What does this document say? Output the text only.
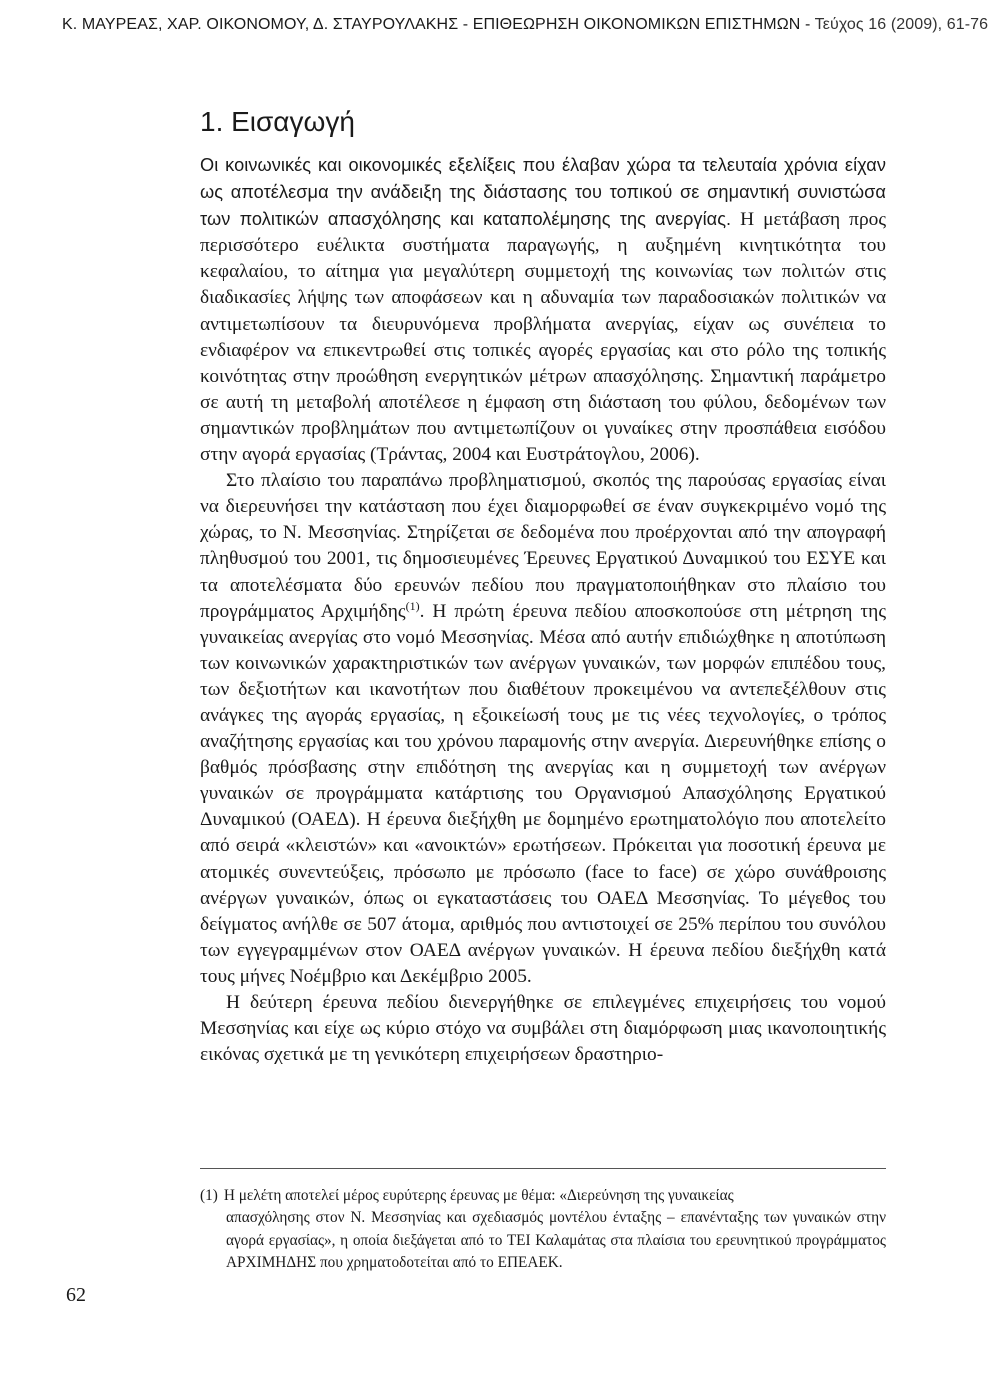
Κ. ΜΑΥΡΕΑΣ, ΧΑΡ. ΟΙΚΟΝΟΜΟΥ, Δ. ΣΤΑΥΡΟΥΛΑΚΗΣ - ΕΠΙΘΕΩΡΗΣΗ ΟΙΚΟΝΟΜΙΚΩΝ ΕΠΙΣΤΗΜΩΝ - Τεύχος 16 (2009), 61-76
1. Εισαγωγή

Οι κοινωνικές και οικονομικές εξελίξεις που έλαβαν χώρα τα τελευταία χρόνια είχαν ως αποτέλεσμα την ανάδειξη της διάστασης του τοπικού σε σημαντική συνιστώσα των πολιτικών απασχόλησης και καταπολέμησης της ανεργίας. Η μετάβαση προς περισσότερο ευέλικτα συστήματα παραγωγής, η αυξημένη κινητικότητα του κεφαλαίου, το αίτημα για μεγαλύτερη συμμετοχή της κοινωνίας των πολιτών στις διαδικασίες λήψης των αποφάσεων και η αδυναμία των παραδοσιακών πολιτικών να αντιμετωπίσουν τα διευρυνόμενα προβλήματα ανεργίας, είχαν ως συνέπεια το ενδιαφέρον να επικεντρωθεί στις τοπικές αγορές εργασίας και στο ρόλο της τοπικής κοινότητας στην προώθηση ενεργητικών μέτρων απασχόλησης. Σημαντική παράμετρο σε αυτή τη μεταβολή αποτέλεσε η έμφαση στη διάσταση του φύλου, δεδομένων των σημαντικών προβλημάτων που αντιμετωπίζουν οι γυναίκες στην προσπάθεια εισόδου στην αγορά εργασίας (Τράντας, 2004 και Ευστράτογλου, 2006).

Στο πλαίσιο του παραπάνω προβληματισμού, σκοπός της παρούσας εργασίας είναι να διερευνήσει την κατάσταση που έχει διαμορφωθεί σε έναν συγκεκριμένο νομό της χώρας, το Ν. Μεσσηνίας. Στηρίζεται σε δεδομένα που προέρχονται από την απογραφή πληθυσμού του 2001, τις δημοσιευμένες Έρευνες Εργατικού Δυναμικού του ΕΣΥΕ και τα αποτελέσματα δύο ερευνών πεδίου που πραγματοποιήθηκαν στο πλαίσιο του προγράμματος Αρχιμήδης$^{(1)}$. Η πρώτη έρευνα πεδίου αποσκοπούσε στη μέτρηση της γυναικείας ανεργίας στο νομό Μεσσηνίας. Μέσα από αυτήν επιδιώχθηκε η αποτύπωση των κοινωνικών χαρακτηριστικών των ανέργων γυναικών, των μορφών επιπέδου τους, των δεξιοτήτων και ικανοτήτων που διαθέτουν προκειμένου να αντεπεξέλθουν στις ανάγκες της αγοράς εργασίας, η εξοικείωσή τους με τις νέες τεχνολογίες, ο τρόπος αναζήτησης εργασίας και του χρόνου παραμονής στην ανεργία. Διερευνήθηκε επίσης ο βαθμός πρόσβασης στην επιδότηση της ανεργίας και η συμμετοχή των ανέργων γυναικών σε προγράμματα κατάρτισης του Οργανισμού Απασχόλησης Εργατικού Δυναμικού (ΟΑΕΔ). Η έρευνα διεξήχθη με δομημένο ερωτηματολόγιο που αποτελείτο από σειρά «κλειστών» και «ανοικτών» ερωτήσεων. Πρόκειται για ποσοτική έρευνα με ατομικές συνεντεύξεις, πρόσωπο με πρόσωπο (face to face) σε χώρο συνάθροισης ανέργων γυναικών, όπως οι εγκαταστάσεις του ΟΑΕΔ Μεσσηνίας. Το μέγεθος του δείγματος ανήλθε σε 507 άτομα, αριθμός που αντιστοιχεί σε 25% περίπου του συνόλου των εγγεγραμμένων στον ΟΑΕΔ ανέργων γυναικών. Η έρευνα πεδίου διεξήχθη κατά τους μήνες Νοέμβριο και Δεκέμβριο 2005.

Η δεύτερη έρευνα πεδίου διενεργήθηκε σε επιλεγμένες επιχειρήσεις του νομού Μεσσηνίας και είχε ως κύριο στόχο να συμβάλει στη διαμόρφωση μιας ικανοποιητικής εικόνας σχετικά με τη γενικότερη επιχειρήσεων δραστηριο-

(1) Η μελέτη αποτελεί μέρος ευρύτερης έρευνας με θέμα: «Διερεύνηση της γυναικείας
απασχόλησης στον Ν. Μεσσηνίας και σχεδιασμός μοντέλου ένταξης – επανένταξης των γυναικών στην αγορά εργασίας», η οποία διεξάγεται από το ΤΕΙ Καλαμάτας στα πλαίσια του ερευνητικού προγράμματος ΑΡΧΙΜΗΔΗΣ που χρηματοδοτείται από το ΕΠΕΑΕΚ.
62
